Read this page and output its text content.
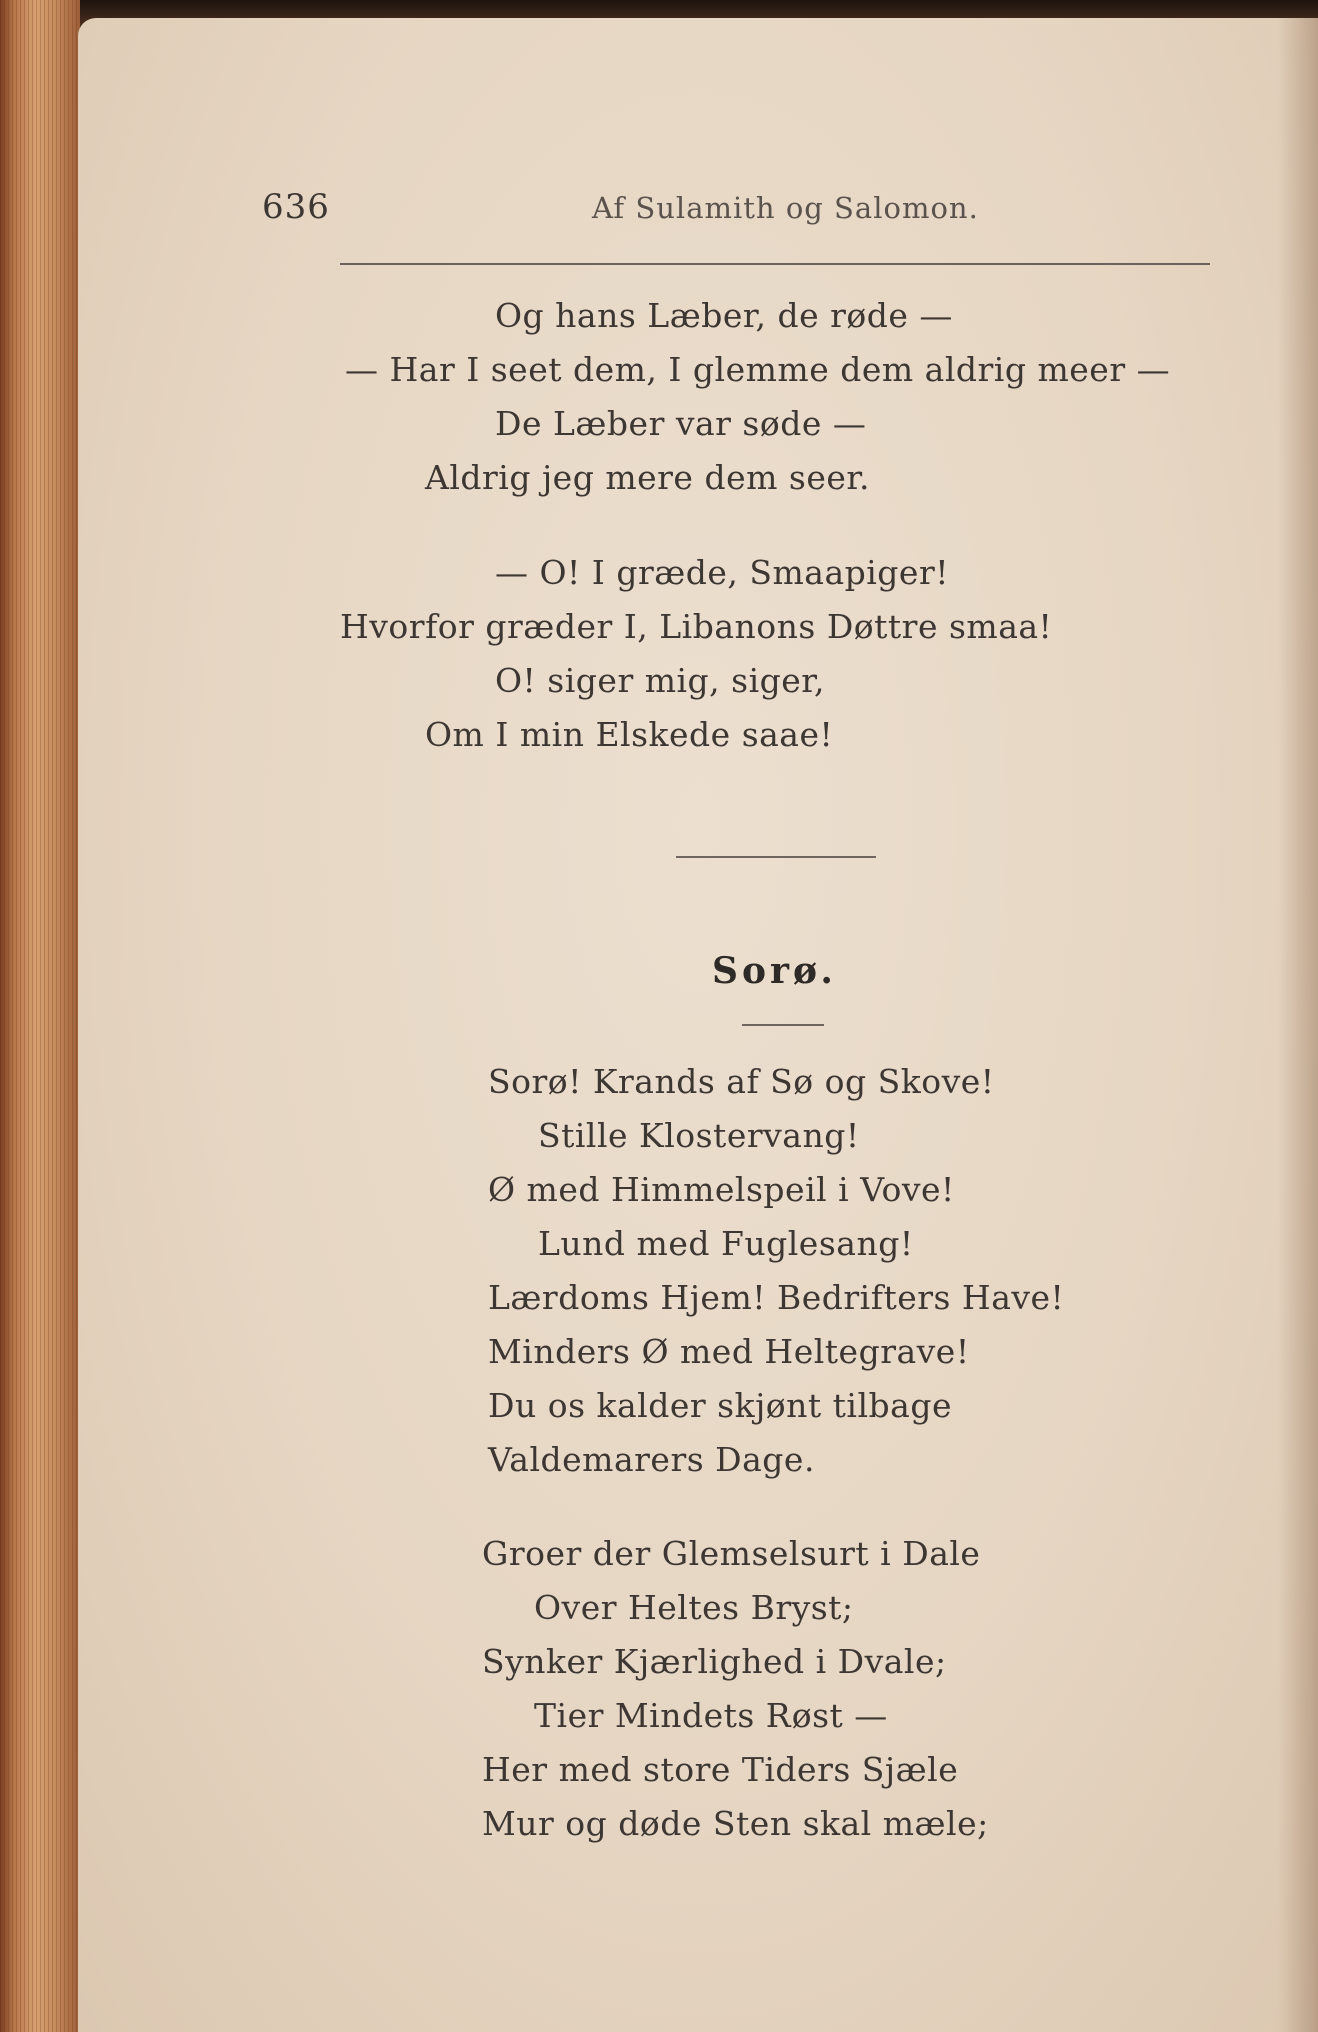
636	Af Sulamith og Salomon.
Og hans Læber, de røde —
— Har I seet dem, I glemme dem aldrig meer —
De Læber var søde —
Aldrig jeg mere dem seer.
— O! I græde, Smaapiger!
Hvorfor græder I, Libanons Døttre smaa!
O! siger mig, siger,
Om I min Elskede saae!
Sorø.
Sorø! Krands af Sø og Skove!
Stille Klostervang!
Ø med Himmelspeil i Vove!
Lund med Fuglesang!
Lærdoms Hjem! Bedrifters Have!
Minders Ø med Heltegrave!
Du os kalder skjønt tilbage
Valdemarers Dage.
Groer der Glemselsurt i Dale
Over Heltes Bryst;
Synker Kjærlighed i Dvale;
Tier Mindets Røst —
Her med store Tiders Sjæle
Mur og døde Sten skal mæle;
